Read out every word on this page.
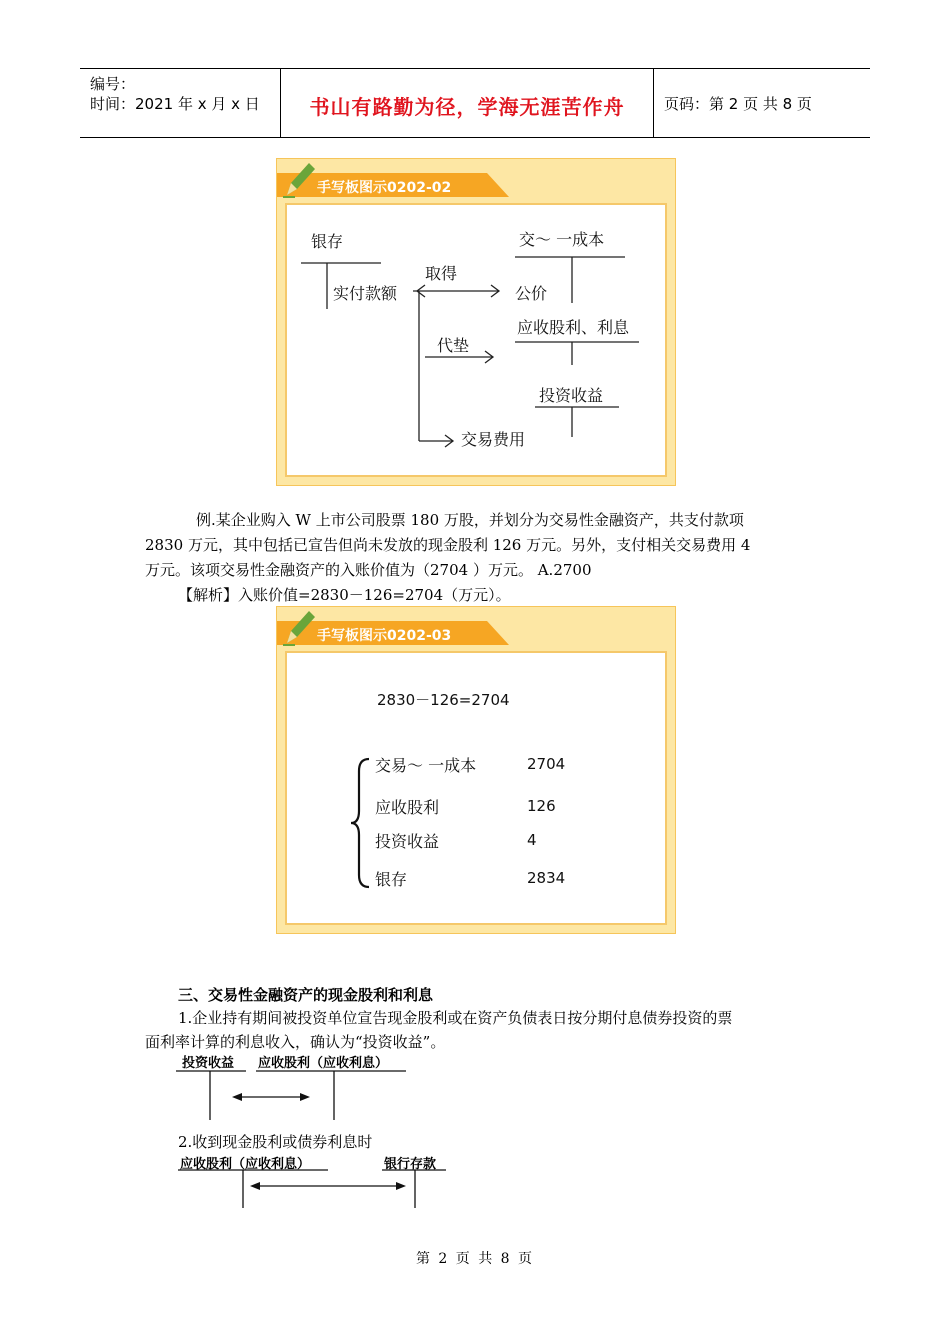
编号：
时间：2021 年 x 月 x 日	书山有路勤为径，学海无涯苦作舟	页码：第 2 页 共 8 页
手写板图示0202-02
银存
实付款额
取得
交～ 一成本
公价
代垫
应收股利、利息
投资收益
交易费用
例.某企业购入 W 上市公司股票 180 万股，并划分为交易性金融资产，共支付款项
2830 万元，其中包括已宣告但尚未发放的现金股利 126 万元。另外，支付相关交易费用 4
万元。该项交易性金融资产的入账价值为（2704 ）万元。 A.2700
【解析】入账价值=2830－126=2704（万元）。
手写板图示0202-03
2830－126=2704
交易～ 一成本	2704
应收股利	126
投资收益	4
银存	2834
三、交易性金融资产的现金股利和利息
1.企业持有期间被投资单位宣告现金股利或在资产负债表日按分期付息债券投资的票
面利率计算的利息收入，确认为“投资收益”。
投资收益 应收股利（应收利息）
2.收到现金股利或债券利息时
应收股利（应收利息）	银行存款
第 2 页 共 8 页
